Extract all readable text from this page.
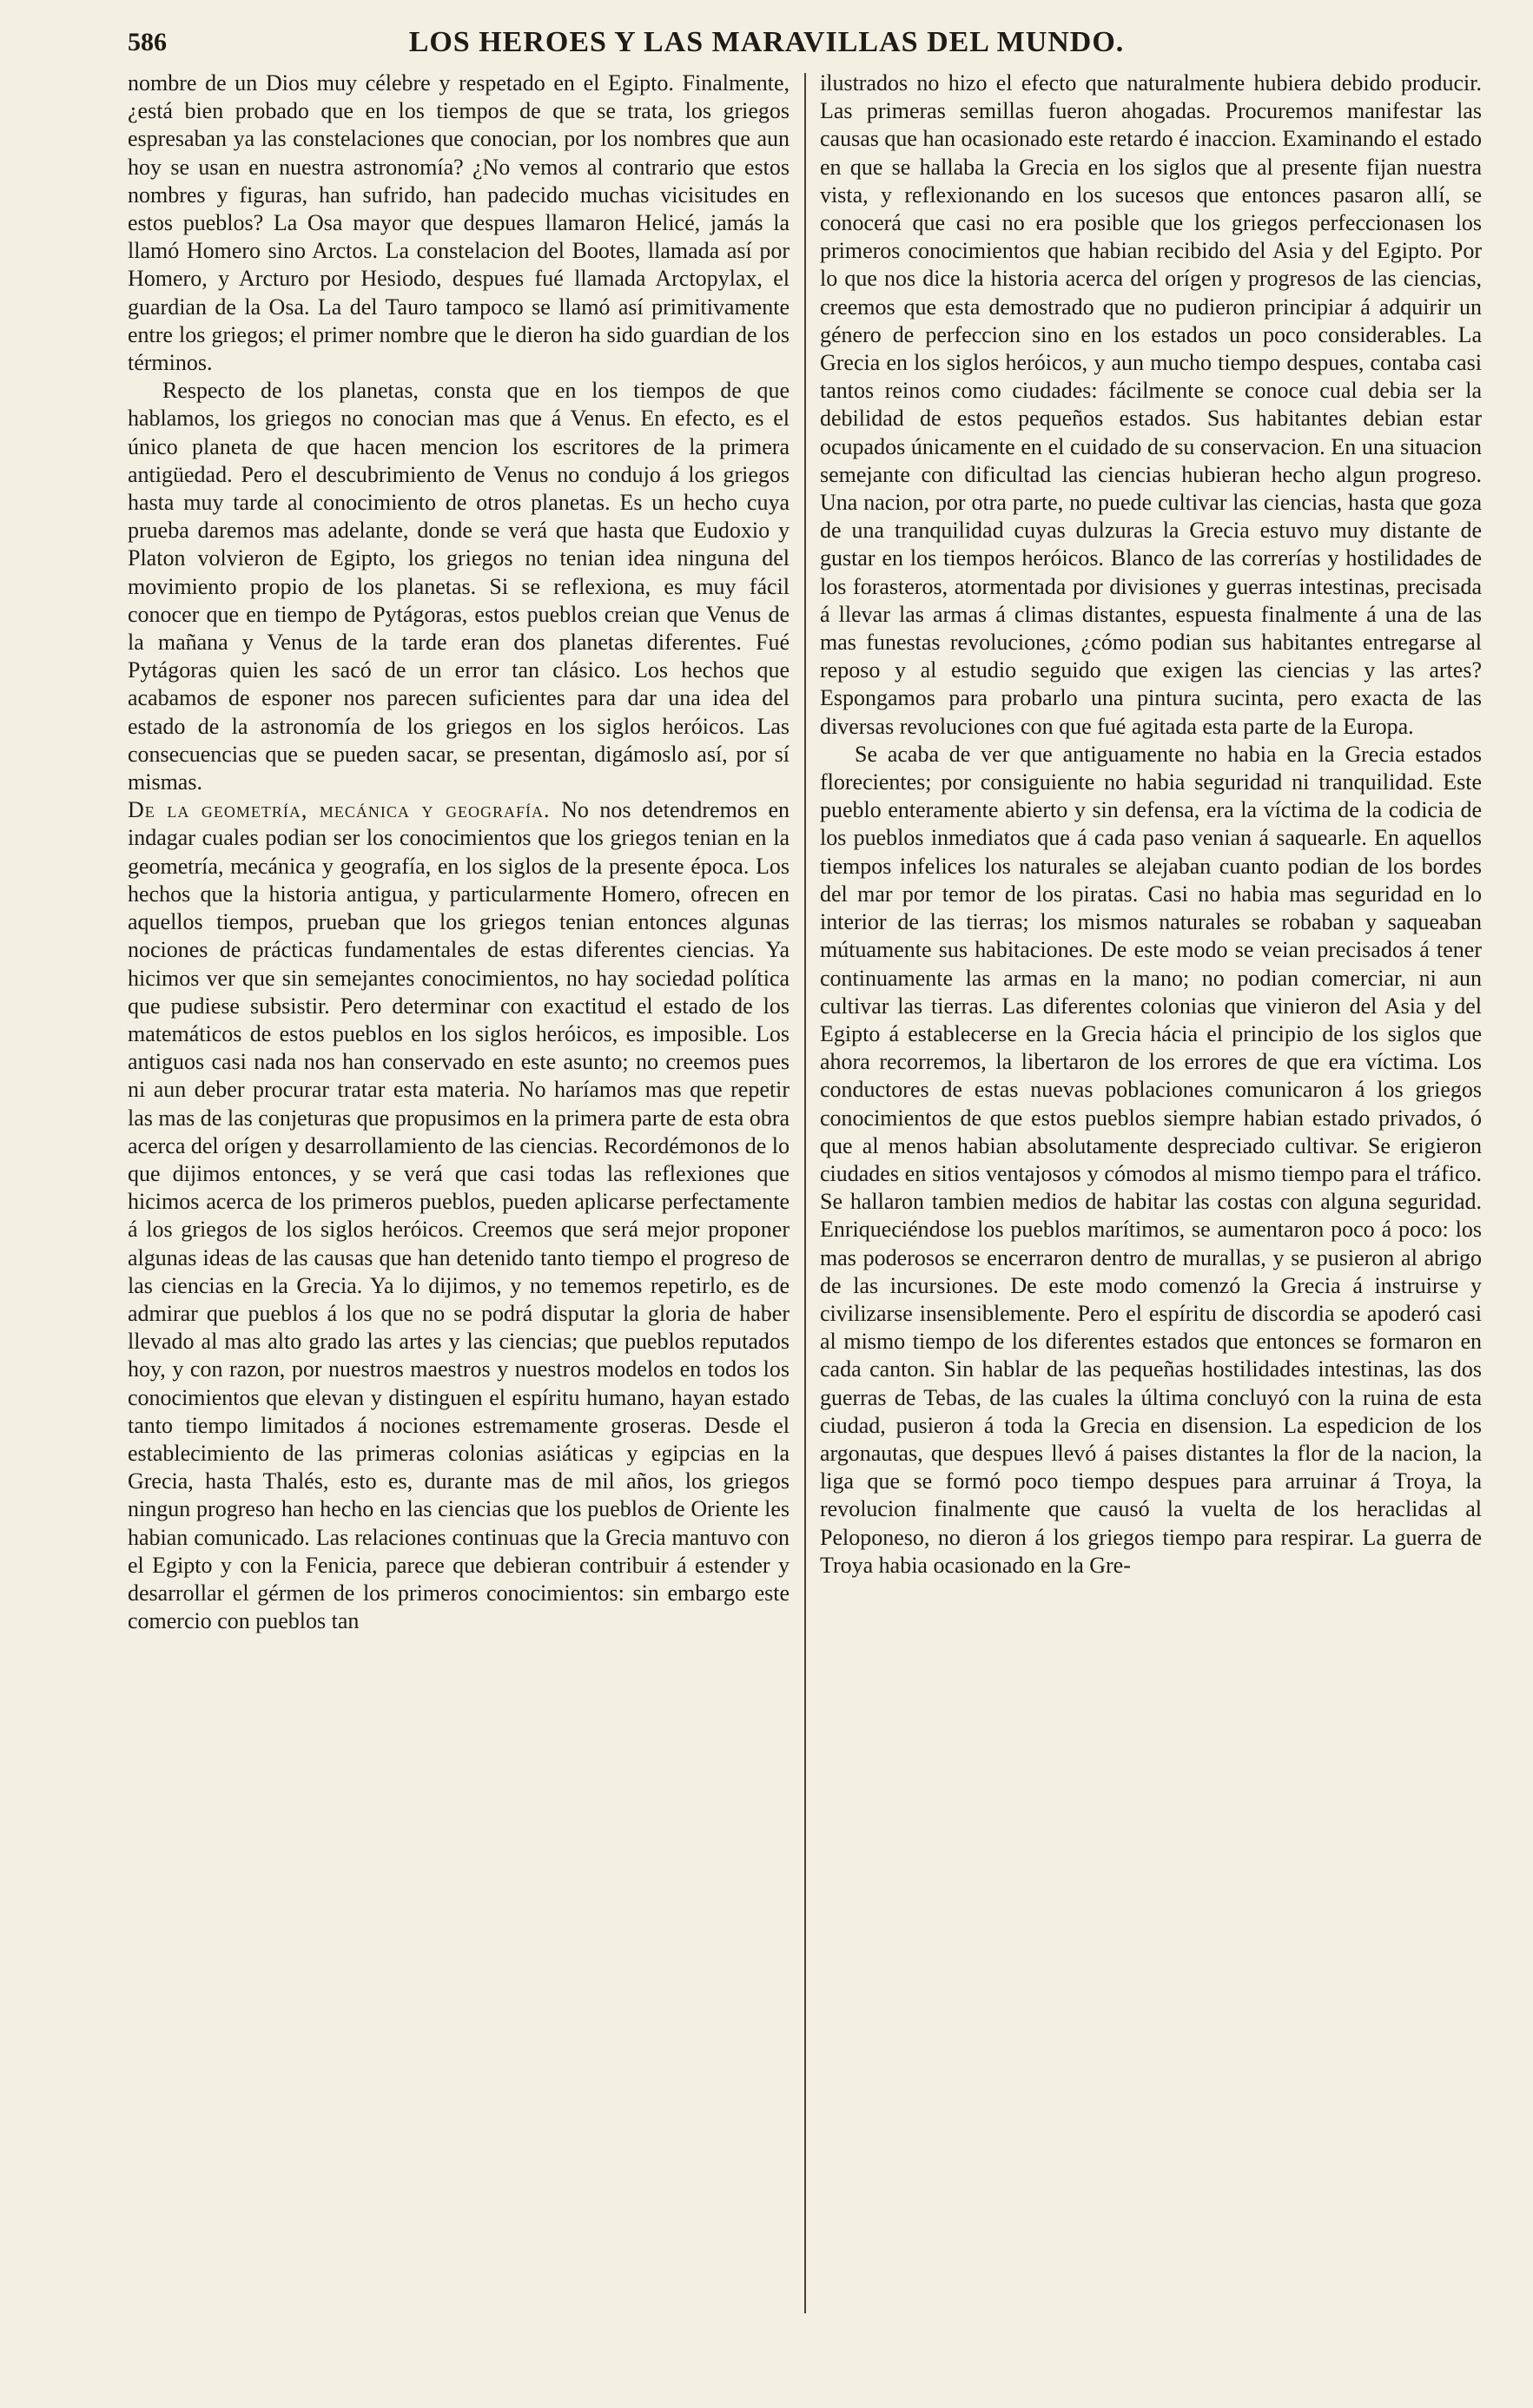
586	LOS HEROES Y LAS MARAVILLAS DEL MUNDO.

nombre de un Dios muy célebre y respetado en el Egipto. Finalmente, ¿está bien probado que en los tiempos de que se trata, los griegos espresaban ya las constelaciones que conocian, por los nombres que aun hoy se usan en nuestra astronomía? ¿No vemos al contrario que estos nombres y figuras, han sufrido, han padecido muchas vicisitudes en estos pueblos? La Osa mayor que despues llamaron Helicé, jamás la llamó Homero sino Arctos. La constelacion del Bootes, llamada así por Homero, y Arcturo por Hesiodo, despues fué llamada Arctopylax, el guardian de la Osa. La del Tauro tampoco se llamó así primitivamente entre los griegos; el primer nombre que le dieron ha sido guardian de los términos.

Respecto de los planetas, consta que en los tiempos de que hablamos, los griegos no conocian mas que á Venus. En efecto, es el único planeta de que hacen mencion los escritores de la primera antigüedad. Pero el descubrimiento de Venus no condujo á los griegos hasta muy tarde al conocimiento de otros planetas. Es un hecho cuya prueba daremos mas adelante, donde se verá que hasta que Eudoxio y Platon volvieron de Egipto, los griegos no tenian idea ninguna del movimiento propio de los planetas. Si se reflexiona, es muy fácil conocer que en tiempo de Pytágoras, estos pueblos creian que Venus de la mañana y Venus de la tarde eran dos planetas diferentes. Fué Pytágoras quien les sacó de un error tan clásico. Los hechos que acabamos de esponer nos parecen suficientes para dar una idea del estado de la astronomía de los griegos en los siglos heróicos. Las consecuencias que se pueden sacar, se presentan, digámoslo así, por sí mismas.

De la geometría, mecánica y geografía. No nos detendremos en indagar cuales podian ser los conocimientos que los griegos tenian en la geometría, mecánica y geografía, en los siglos de la presente época. Los hechos que la historia antigua, y particularmente Homero, ofrecen en aquellos tiempos, prueban que los griegos tenian entonces algunas nociones de prácticas fundamentales de estas diferentes ciencias. Ya hicimos ver que sin semejantes conocimientos, no hay sociedad política que pudiese subsistir. Pero determinar con exactitud el estado de los matemáticos de estos pueblos en los siglos heróicos, es imposible. Los antiguos casi nada nos han conservado en este asunto; no creemos pues ni aun deber procurar tratar esta materia. No haríamos mas que repetir las mas de las conjeturas que propusimos en la primera parte de esta obra acerca del orígen y desarrollamiento de las ciencias. Recordémonos de lo que dijimos entonces, y se verá que casi todas las reflexiones que hicimos acerca de los primeros pueblos, pueden aplicarse perfectamente á los griegos de los siglos heróicos. Creemos que será mejor proponer algunas ideas de las causas que han detenido tanto tiempo el progreso de las ciencias en la Grecia. Ya lo dijimos, y no tememos repetirlo, es de admirar que pueblos á los que no se podrá disputar la gloria de haber llevado al mas alto grado las artes y las ciencias; que pueblos reputados hoy, y con razon, por nuestros maestros y nuestros modelos en todos los conocimientos que elevan y distinguen el espíritu humano, hayan estado tanto tiempo limitados á nociones estremamente groseras. Desde el establecimiento de las primeras colonias asiáticas y egipcias en la Grecia, hasta Thalés, esto es, durante mas de mil años, los griegos ningun progreso han hecho en las ciencias que los pueblos de Oriente les habian comunicado. Las relaciones continuas que la Grecia mantuvo con el Egipto y con la Fenicia, parece que debieran contribuir á estender y desarrollar el gérmen de los primeros conocimientos: sin embargo este comercio con pueblos tan

ilustrados no hizo el efecto que naturalmente hubiera debido producir. Las primeras semillas fueron ahogadas. Procuremos manifestar las causas que han ocasionado este retardo é inaccion. Examinando el estado en que se hallaba la Grecia en los siglos que al presente fijan nuestra vista, y reflexionando en los sucesos que entonces pasaron allí, se conocerá que casi no era posible que los griegos perfeccionasen los primeros conocimientos que habian recibido del Asia y del Egipto. Por lo que nos dice la historia acerca del orígen y progresos de las ciencias, creemos que esta demostrado que no pudieron principiar á adquirir un género de perfeccion sino en los estados un poco considerables. La Grecia en los siglos heróicos, y aun mucho tiempo despues, contaba casi tantos reinos como ciudades: fácilmente se conoce cual debia ser la debilidad de estos pequeños estados. Sus habitantes debian estar ocupados únicamente en el cuidado de su conservacion. En una situacion semejante con dificultad las ciencias hubieran hecho algun progreso. Una nacion, por otra parte, no puede cultivar las ciencias, hasta que goza de una tranquilidad cuyas dulzuras la Grecia estuvo muy distante de gustar en los tiempos heróicos. Blanco de las correrías y hostilidades de los forasteros, atormentada por divisiones y guerras intestinas, precisada á llevar las armas á climas distantes, espuesta finalmente á una de las mas funestas revoluciones, ¿cómo podian sus habitantes entregarse al reposo y al estudio seguido que exigen las ciencias y las artes? Espongamos para probarlo una pintura sucinta, pero exacta de las diversas revoluciones con que fué agitada esta parte de la Europa.

Se acaba de ver que antiguamente no habia en la Grecia estados florecientes; por consiguiente no habia seguridad ni tranquilidad. Este pueblo enteramente abierto y sin defensa, era la víctima de la codicia de los pueblos inmediatos que á cada paso venian á saquearle. En aquellos tiempos infelices los naturales se alejaban cuanto podian de los bordes del mar por temor de los piratas. Casi no habia mas seguridad en lo interior de las tierras; los mismos naturales se robaban y saqueaban mútuamente sus habitaciones. De este modo se veian precisados á tener continuamente las armas en la mano; no podian comerciar, ni aun cultivar las tierras. Las diferentes colonias que vinieron del Asia y del Egipto á establecerse en la Grecia hácia el principio de los siglos que ahora recorremos, la libertaron de los errores de que era víctima. Los conductores de estas nuevas poblaciones comunicaron á los griegos conocimientos de que estos pueblos siempre habian estado privados, ó que al menos habian absolutamente despreciado cultivar. Se erigieron ciudades en sitios ventajosos y cómodos al mismo tiempo para el tráfico. Se hallaron tambien medios de habitar las costas con alguna seguridad. Enriqueciéndose los pueblos marítimos, se aumentaron poco á poco: los mas poderosos se encerraron dentro de murallas, y se pusieron al abrigo de las incursiones. De este modo comenzó la Grecia á instruirse y civilizarse insensiblemente. Pero el espíritu de discordia se apoderó casi al mismo tiempo de los diferentes estados que entonces se formaron en cada canton. Sin hablar de las pequeñas hostilidades intestinas, las dos guerras de Tebas, de las cuales la última concluyó con la ruina de esta ciudad, pusieron á toda la Grecia en disension. La espedicion de los argonautas, que despues llevó á paises distantes la flor de la nacion, la liga que se formó poco tiempo despues para arruinar á Troya, la revolucion finalmente que causó la vuelta de los heraclidas al Peloponeso, no dieron á los griegos tiempo para respirar. La guerra de Troya habia ocasionado en la Gre-
